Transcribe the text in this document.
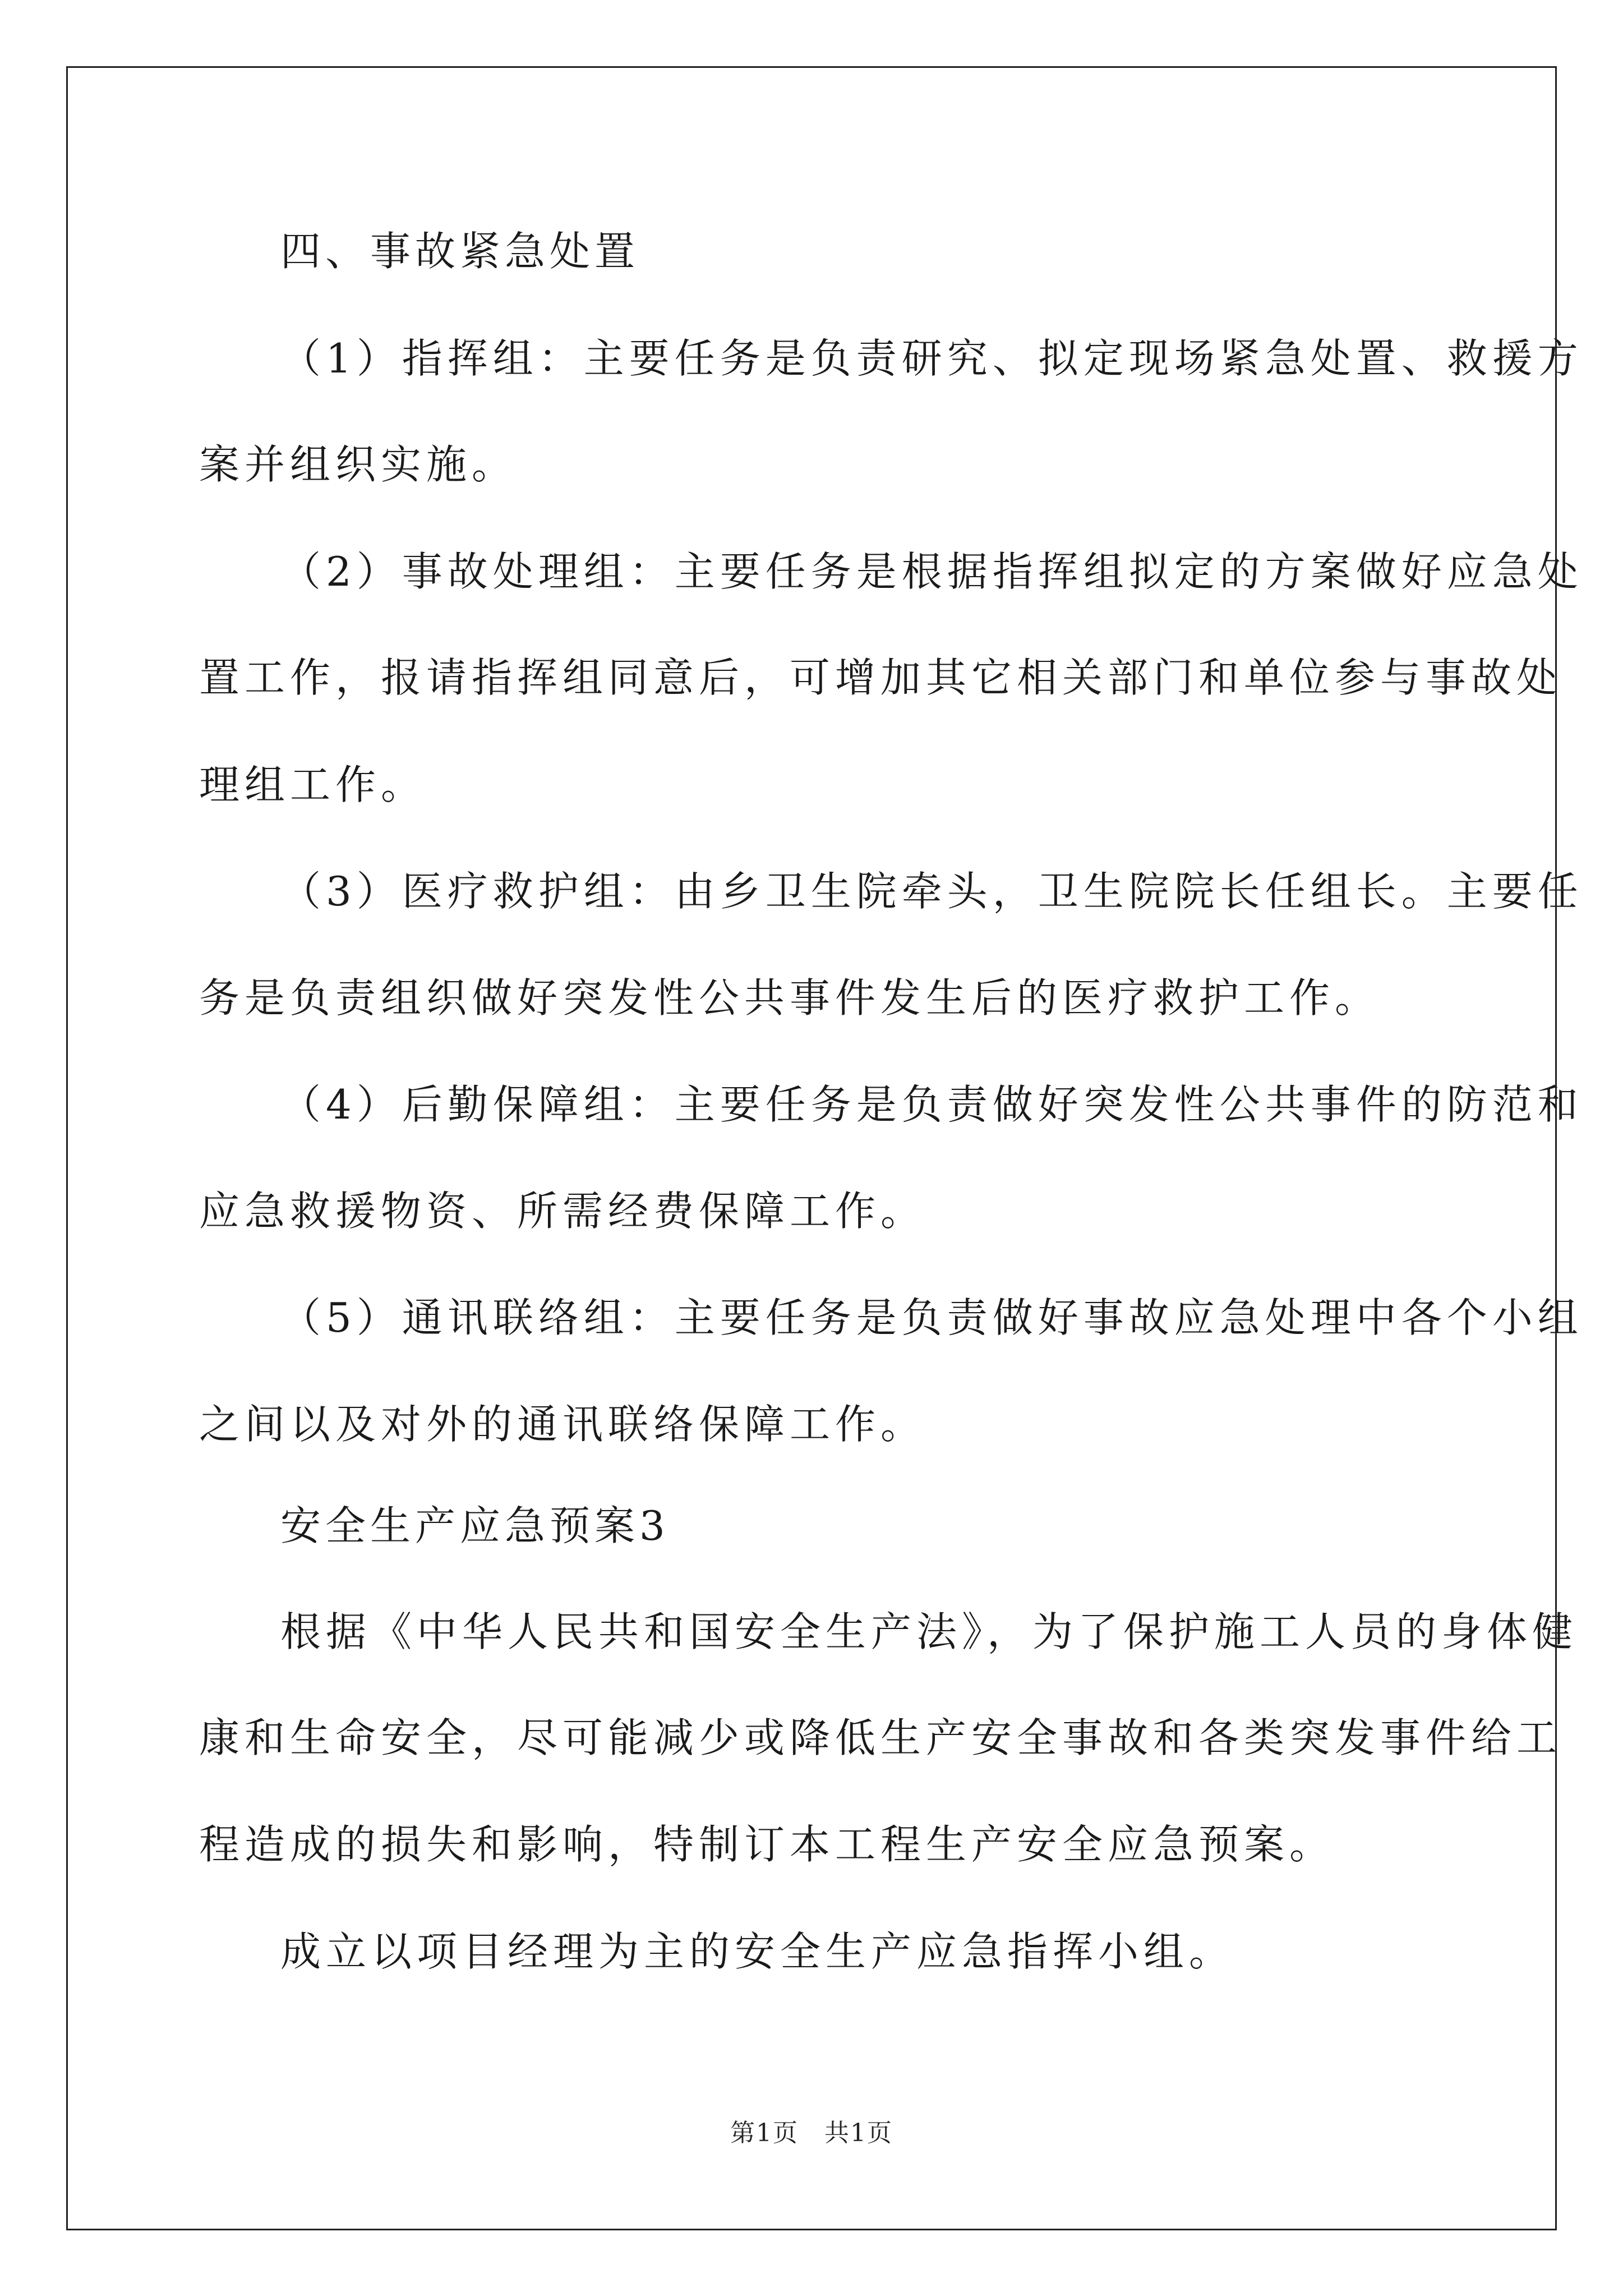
四、事故紧急处置
（1）指挥组：主要任务是负责研究、拟定现场紧急处置、救援方
案并组织实施。
（2）事故处理组：主要任务是根据指挥组拟定的方案做好应急处
置工作，报请指挥组同意后，可增加其它相关部门和单位参与事故处
理组工作。
（3）医疗救护组：由乡卫生院牵头，卫生院院长任组长。主要任
务是负责组织做好突发性公共事件发生后的医疗救护工作。
（4）后勤保障组：主要任务是负责做好突发性公共事件的防范和
应急救援物资、所需经费保障工作。
（5）通讯联络组：主要任务是负责做好事故应急处理中各个小组
之间以及对外的通讯联络保障工作。
安全生产应急预案3
根据《中华人民共和国安全生产法》，为了保护施工人员的身体健
康和生命安全，尽可能减少或降低生产安全事故和各类突发事件给工
程造成的损失和影响，特制订本工程生产安全应急预案。
成立以项目经理为主的安全生产应急指挥小组。
第1页　共1页
